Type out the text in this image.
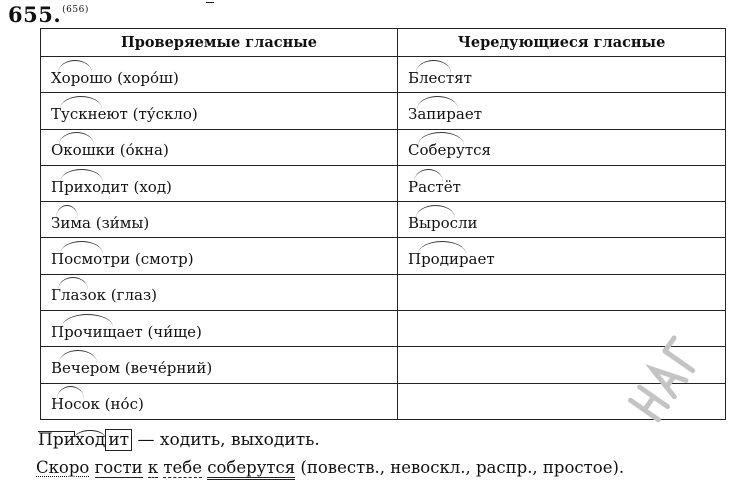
655.$^{(656)}$
Проверяемые гласные	Чередующиеся гласные
Хорошо (хоро́ш)	Блестят

Тускнеют (ту́скло)	Запирает

Окошки (о́кна)	Соберутся

Приходит (ход)	Растёт

Зима (зи́мы)	Выросли

Посмотри (смотр)	Продирает

Глазок (глаз)

Прочищает (чи́ще)

Вечером (вече́рний)

Носок (но́с)

Приход ит — ходить, выходить.
Скоро гости к тебе соберутся (повеств., невоскл., распр., простое).
